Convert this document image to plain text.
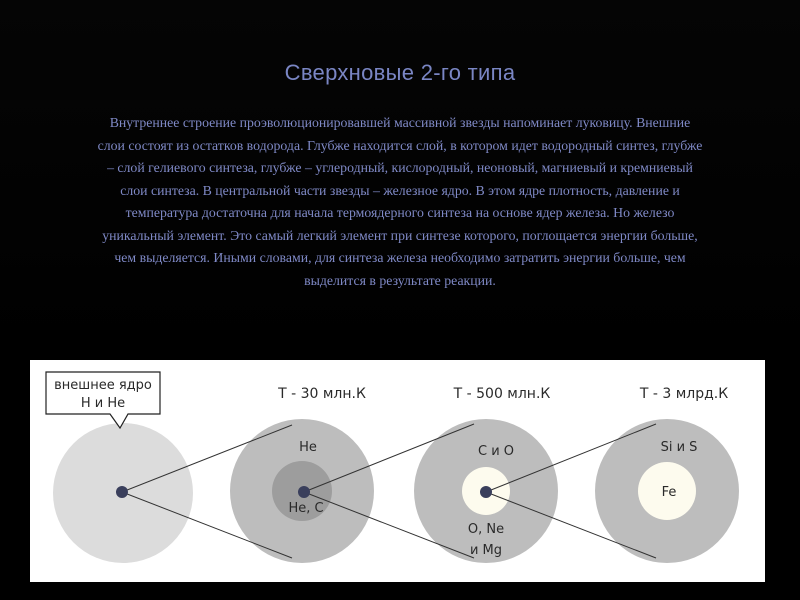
Сверхновые 2-го типа
Внутреннее строение проэволюционировавшей массивной звезды напоминает луковицу. Внешние
слои состоят из остатков водорода. Глубже находится слой, в котором идет водородный синтез, глубже
– слой гелиевого синтеза, глубже – углеродный, кислородный, неоновый, магниевый и кремниевый
слои синтеза. В центральной части звезды – железное ядро. В этом ядре плотность, давление и
температура достаточна для начала термоядерного синтеза на основе ядер железа. Но железо
уникальный элемент. Это самый легкий элемент при синтезе которого, поглощается энергии больше,
чем выделяется. Иными словами, для синтеза железа необходимо затратить энергии больше, чем
выделится в результате реакции.
внешнее ядро
H и He
T - 30 млн.К	T - 500 млн.К	T - 3 млрд.К
He
He, C
C и O
O, Ne
и Mg
Si и S
Fe
